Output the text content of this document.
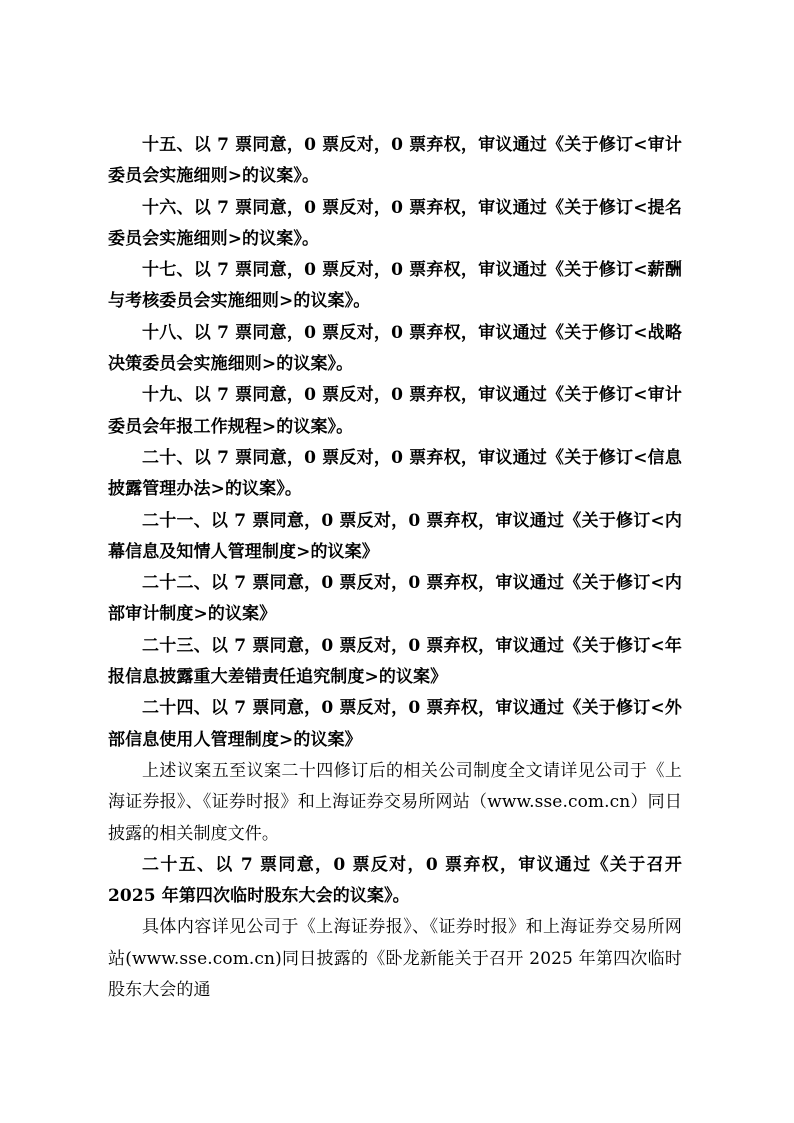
十五、以 7 票同意，0 票反对，0 票弃权，审议通过《关于修订<审计委员会实施细则>的议案》。

十六、以 7 票同意，0 票反对，0 票弃权，审议通过《关于修订<提名委员会实施细则>的议案》。

十七、以 7 票同意，0 票反对，0 票弃权，审议通过《关于修订<薪酬与考核委员会实施细则>的议案》。

十八、以 7 票同意，0 票反对，0 票弃权，审议通过《关于修订<战略决策委员会实施细则>的议案》。

十九、以 7 票同意，0 票反对，0 票弃权，审议通过《关于修订<审计委员会年报工作规程>的议案》。

二十、以 7 票同意，0 票反对，0 票弃权，审议通过《关于修订<信息披露管理办法>的议案》。

二十一、以 7 票同意，0 票反对，0 票弃权，审议通过《关于修订<内幕信息及知情人管理制度>的议案》

二十二、以 7 票同意，0 票反对，0 票弃权，审议通过《关于修订<内部审计制度>的议案》

二十三、以 7 票同意，0 票反对，0 票弃权，审议通过《关于修订<年报信息披露重大差错责任追究制度>的议案》

二十四、以 7 票同意，0 票反对，0 票弃权，审议通过《关于修订<外部信息使用人管理制度>的议案》

上述议案五至议案二十四修订后的相关公司制度全文请详见公司于《上海证券报》、《证券时报》和上海证券交易所网站（www.sse.com.cn）同日披露的相关制度文件。

二十五、以 7 票同意，0 票反对，0 票弃权，审议通过《关于召开 2025 年第四次临时股东大会的议案》。

具体内容详见公司于《上海证券报》、《证券时报》和上海证券交易所网站(www.sse.com.cn)同日披露的《卧龙新能关于召开 2025 年第四次临时股东大会的通
